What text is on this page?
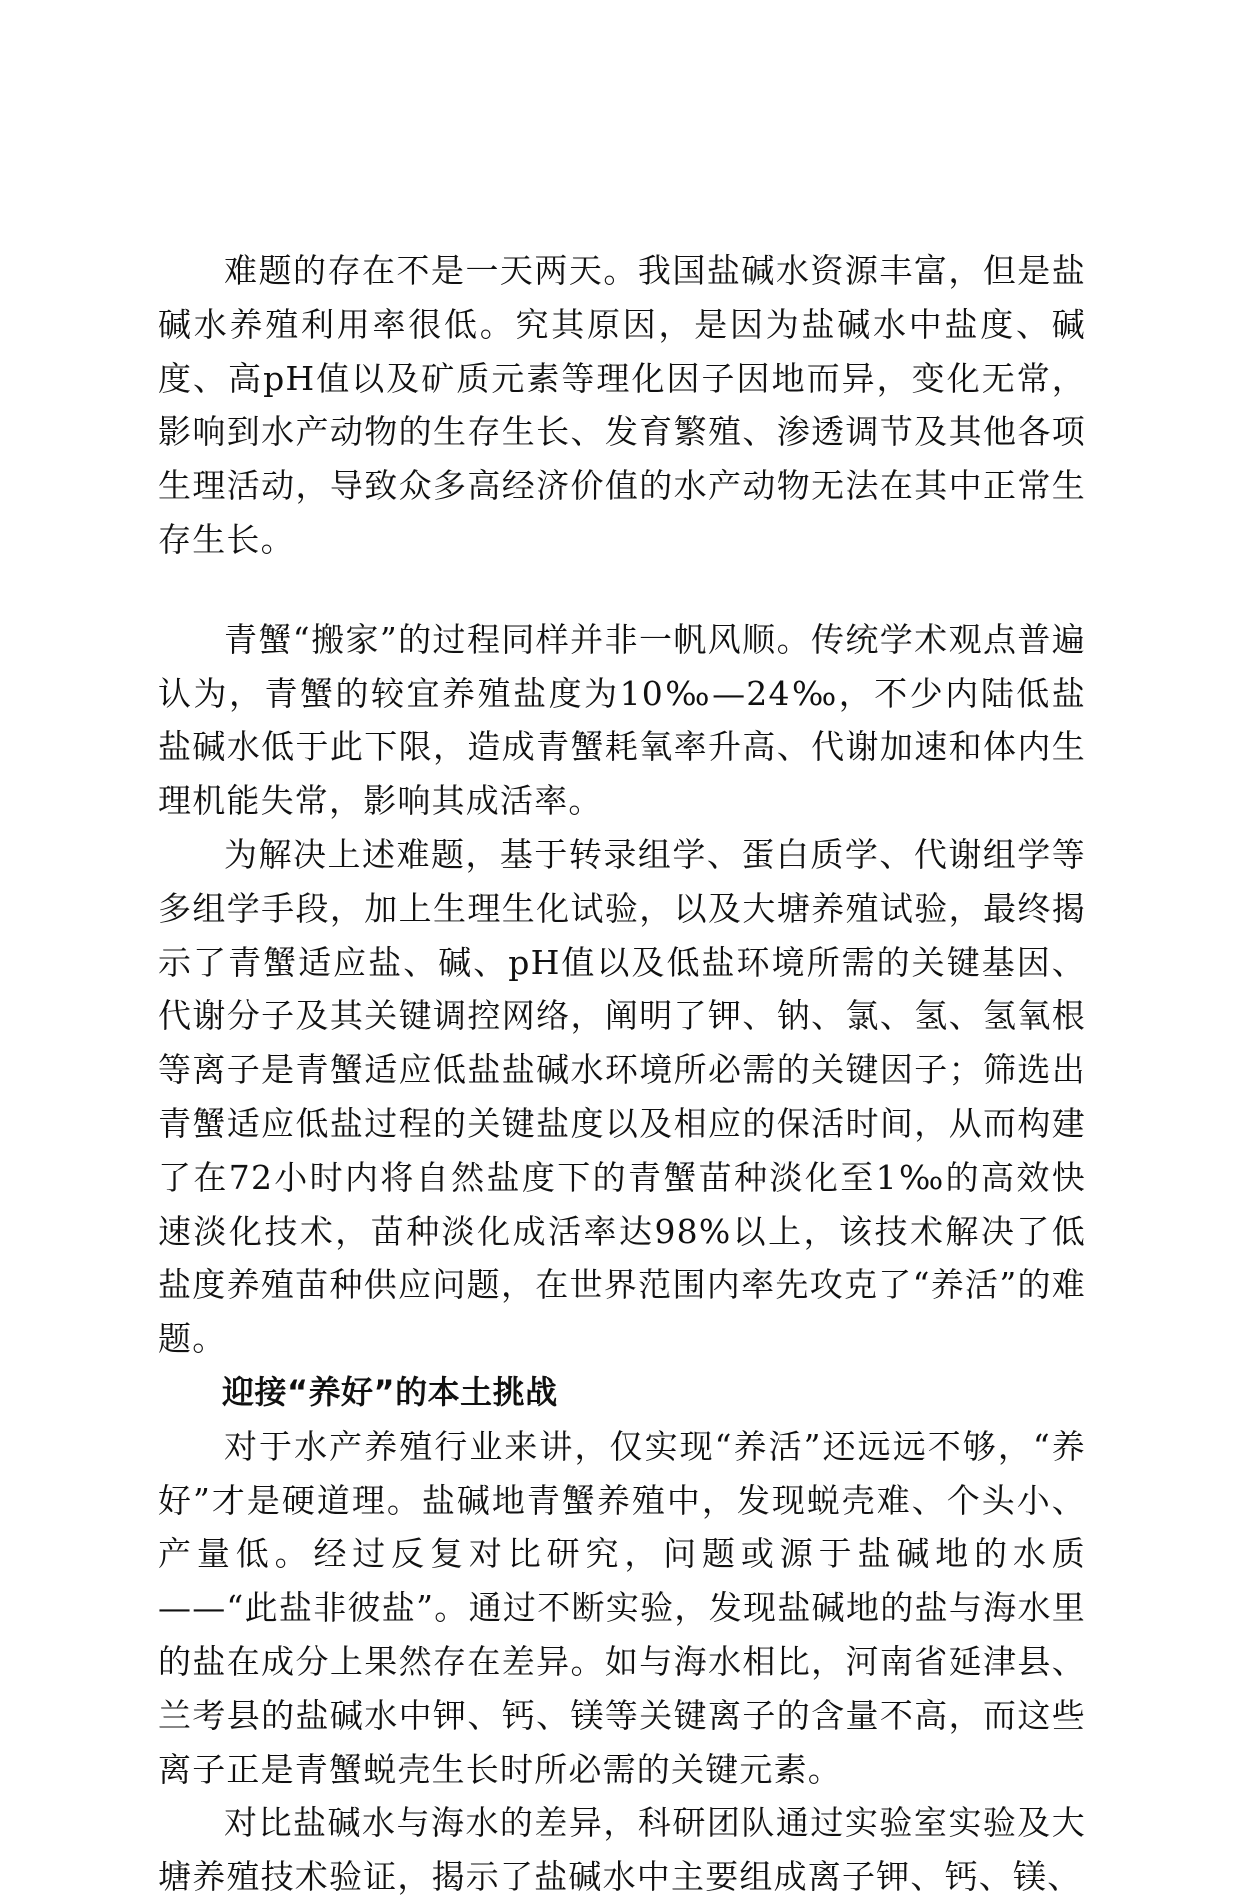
难题的存在不是一天两天。我国盐碱水资源丰富，但是盐碱水养殖利用率很低。究其原因，是因为盐碱水中盐度、碱度、高pH值以及矿质元素等理化因子因地而异，变化无常，影响到水产动物的生存生长、发育繁殖、渗透调节及其他各项生理活动，导致众多高经济价值的水产动物无法在其中正常生存生长。

青蟹“搬家”的过程同样并非一帆风顺。传统学术观点普遍认为，青蟹的较宜养殖盐度为10‰—24‰，不少内陆低盐盐碱水低于此下限，造成青蟹耗氧率升高、代谢加速和体内生理机能失常，影响其成活率。

为解决上述难题，基于转录组学、蛋白质学、代谢组学等多组学手段，加上生理生化试验，以及大塘养殖试验，最终揭示了青蟹适应盐、碱、pH值以及低盐环境所需的关键基因、代谢分子及其关键调控网络，阐明了钾、钠、氯、氢、氢氧根等离子是青蟹适应低盐盐碱水环境所必需的关键因子；筛选出青蟹适应低盐过程的关键盐度以及相应的保活时间，从而构建了在72小时内将自然盐度下的青蟹苗种淡化至1‰的高效快速淡化技术，苗种淡化成活率达98%以上，该技术解决了低盐度养殖苗种供应问题，在世界范围内率先攻克了“养活”的难题。

迎接“养好”的本土挑战

对于水产养殖行业来讲，仅实现“养活”还远远不够，“养好”才是硬道理。盐碱地青蟹养殖中，发现蜕壳难、个头小、产量低。经过反复对比研究，问题或源于盐碱地的水质——“此盐非彼盐”。通过不断实验，发现盐碱地的盐与海水里的盐在成分上果然存在差异。如与海水相比，河南省延津县、兰考县的盐碱水中钾、钙、镁等关键离子的含量不高，而这些离子正是青蟹蜕壳生长时所必需的关键元素。

对比盐碱水与海水的差异，科研团队通过实验室实验及大塘养殖技术验证，揭示了盐碱水中主要组成离子钾、钙、镁、
